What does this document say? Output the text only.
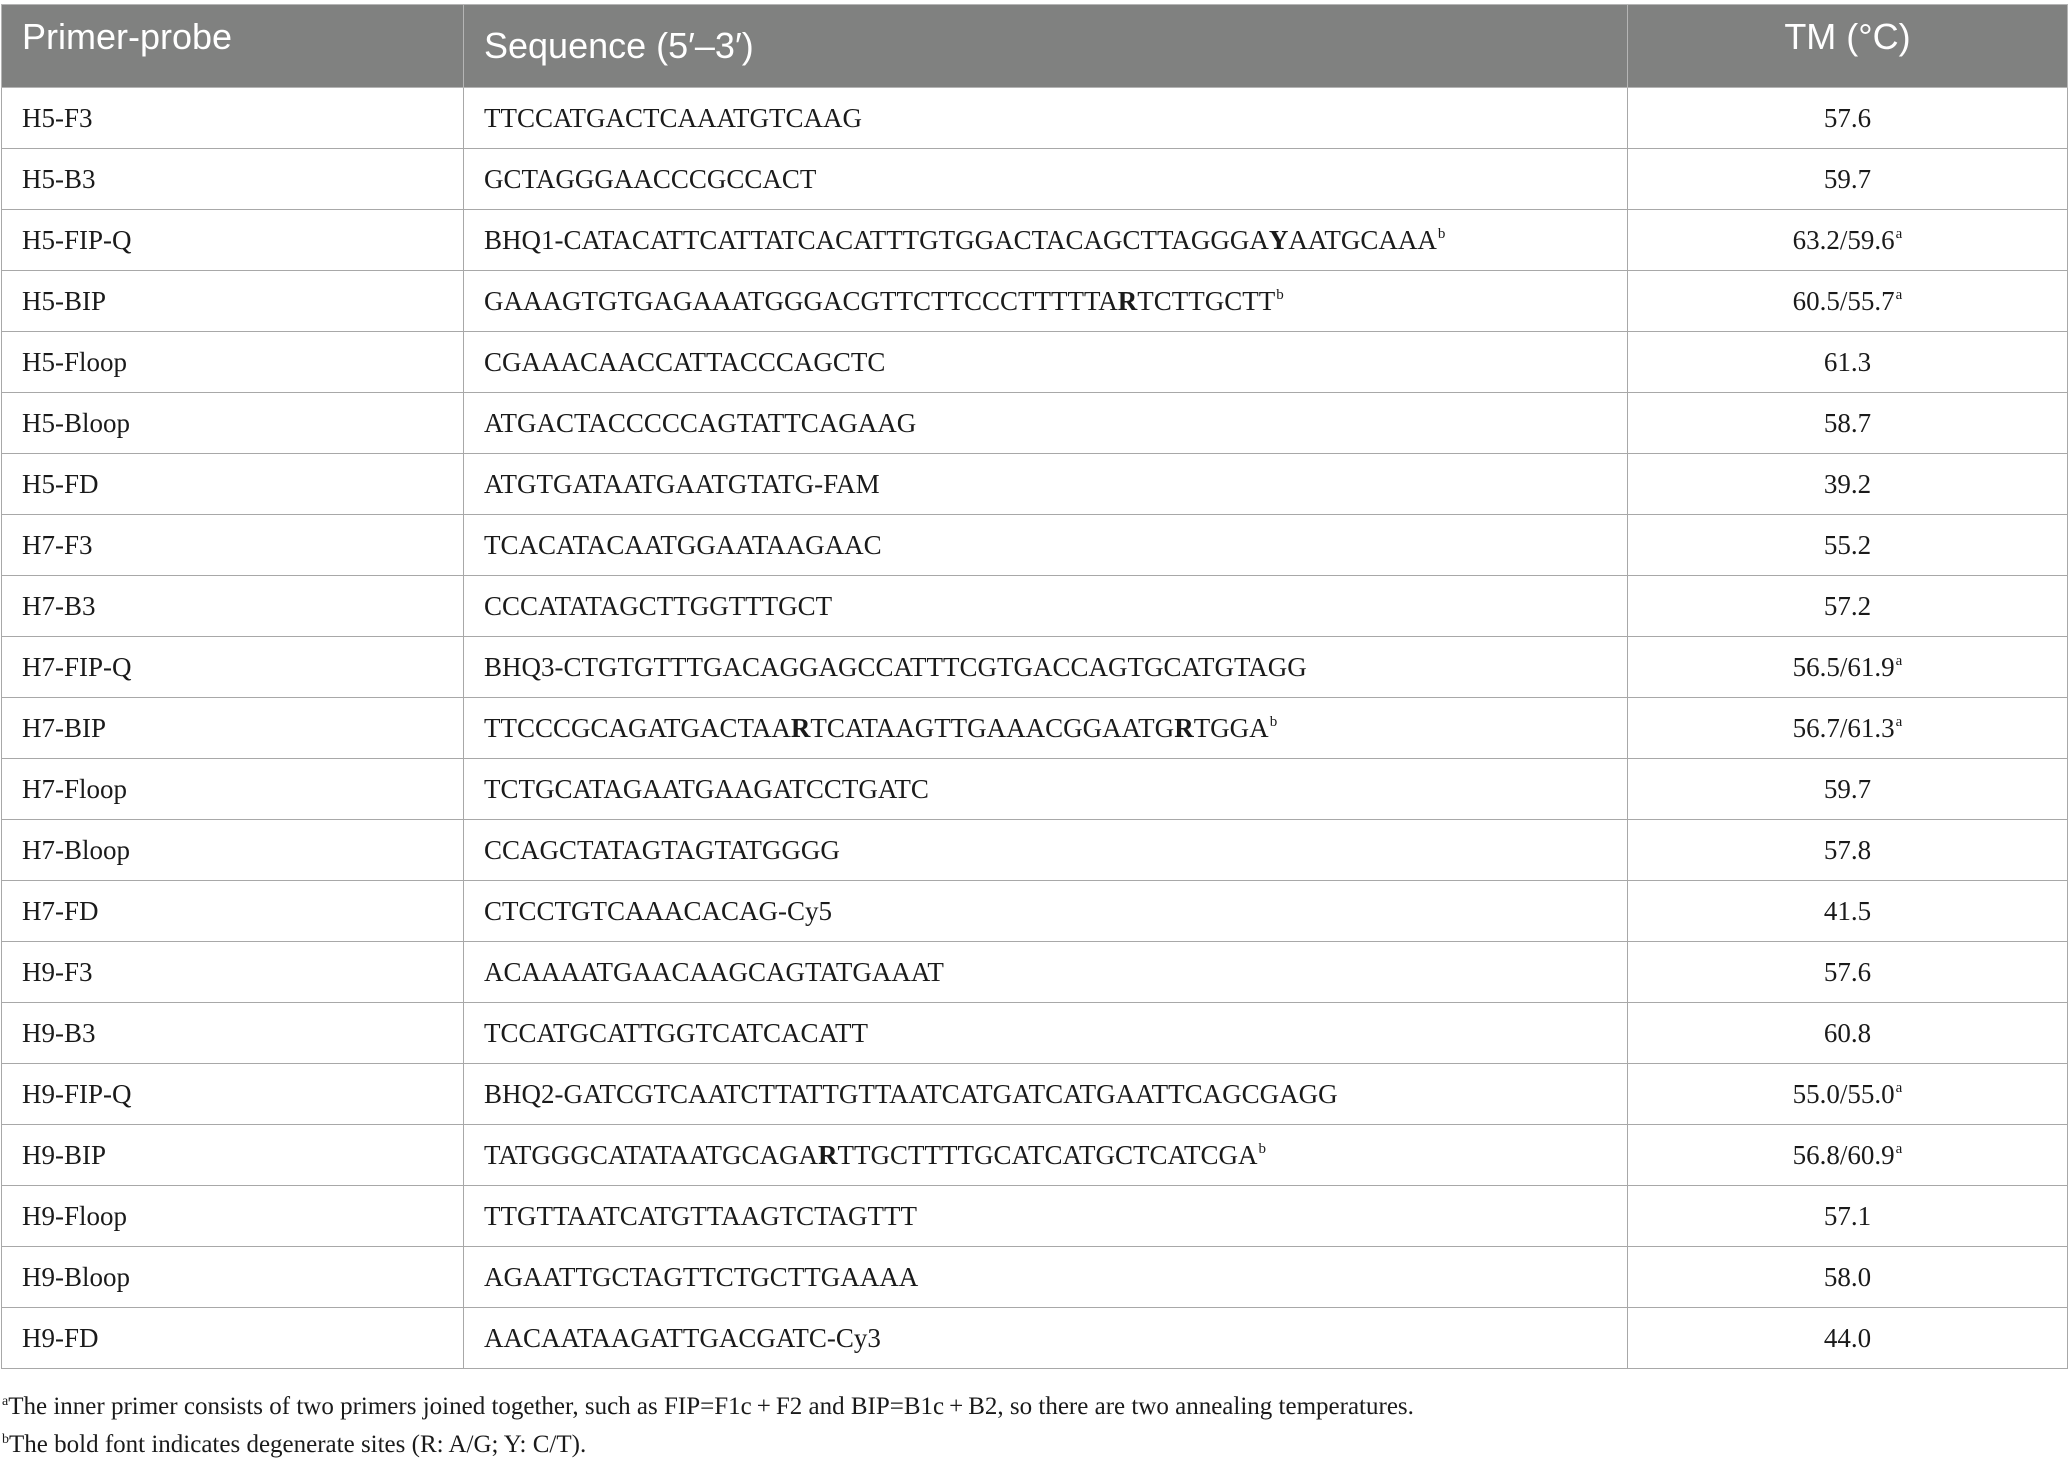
Primer-probe	Sequence (5′–3′)	TM (°C)
H5-F3	TTCCATGACTCAAATGTCAAG	57.6
H5-B3	GCTAGGGAACCCGCCACT	59.7
H5-FIP-Q	BHQ1-CATACATTCATTATCACATTTGTGGACTACAGCTTAGGGAYAATGCAAA$^b$	63.2/59.6$^a$
H5-BIP	GAAAGTGTGAGAAATGGGACGTTCTTCCCTTTTTARTCTTGCTT$^b$	60.5/55.7$^a$
H5-Floop	CGAAACAACCATTACCCAGCTC	61.3
H5-Bloop	ATGACTACCCCCAGTATTCAGAAG	58.7
H5-FD	ATGTGATAATGAATGTATG-FAM	39.2
H7-F3	TCACATACAATGGAATAAGAAC	55.2
H7-B3	CCCATATAGCTTGGTTTGCT	57.2
H7-FIP-Q	BHQ3-CTGTGTTTGACAGGAGCCATTTCGTGACCAGTGCATGTAGG	56.5/61.9$^a$
H7-BIP	TTCCCGCAGATGACTAARTCATAAGTTGAAACGGAATGRTGGA$^b$	56.7/61.3$^a$
H7-Floop	TCTGCATAGAATGAAGATCCTGATC	59.7
H7-Bloop	CCAGCTATAGTAGTATGGGG	57.8
H7-FD	CTCCTGTCAAACACAG-Cy5	41.5
H9-F3	ACAAAATGAACAAGCAGTATGAAAT	57.6
H9-B3	TCCATGCATTGGTCATCACATT	60.8
H9-FIP-Q	BHQ2-GATCGTCAATCTTATTGTTAATCATGATCATGAATTCAGCGAGG	55.0/55.0$^a$
H9-BIP	TATGGGCATATAATGCAGARTTGCTTTTGCATCATGCTCATCGA$^b$	56.8/60.9$^a$
H9-Floop	TTGTTAATCATGTTAAGTCTAGTTT	57.1
H9-Bloop	AGAATTGCTAGTTCTGCTTGAAAA	58.0
H9-FD	AACAATAAGATTGACGATC-Cy3	44.0
$^a$The inner primer consists of two primers joined together, such as FIP=F1c + F2 and BIP=B1c + B2, so there are two annealing temperatures.
$^b$The bold font indicates degenerate sites (R: A/G; Y: C/T).
